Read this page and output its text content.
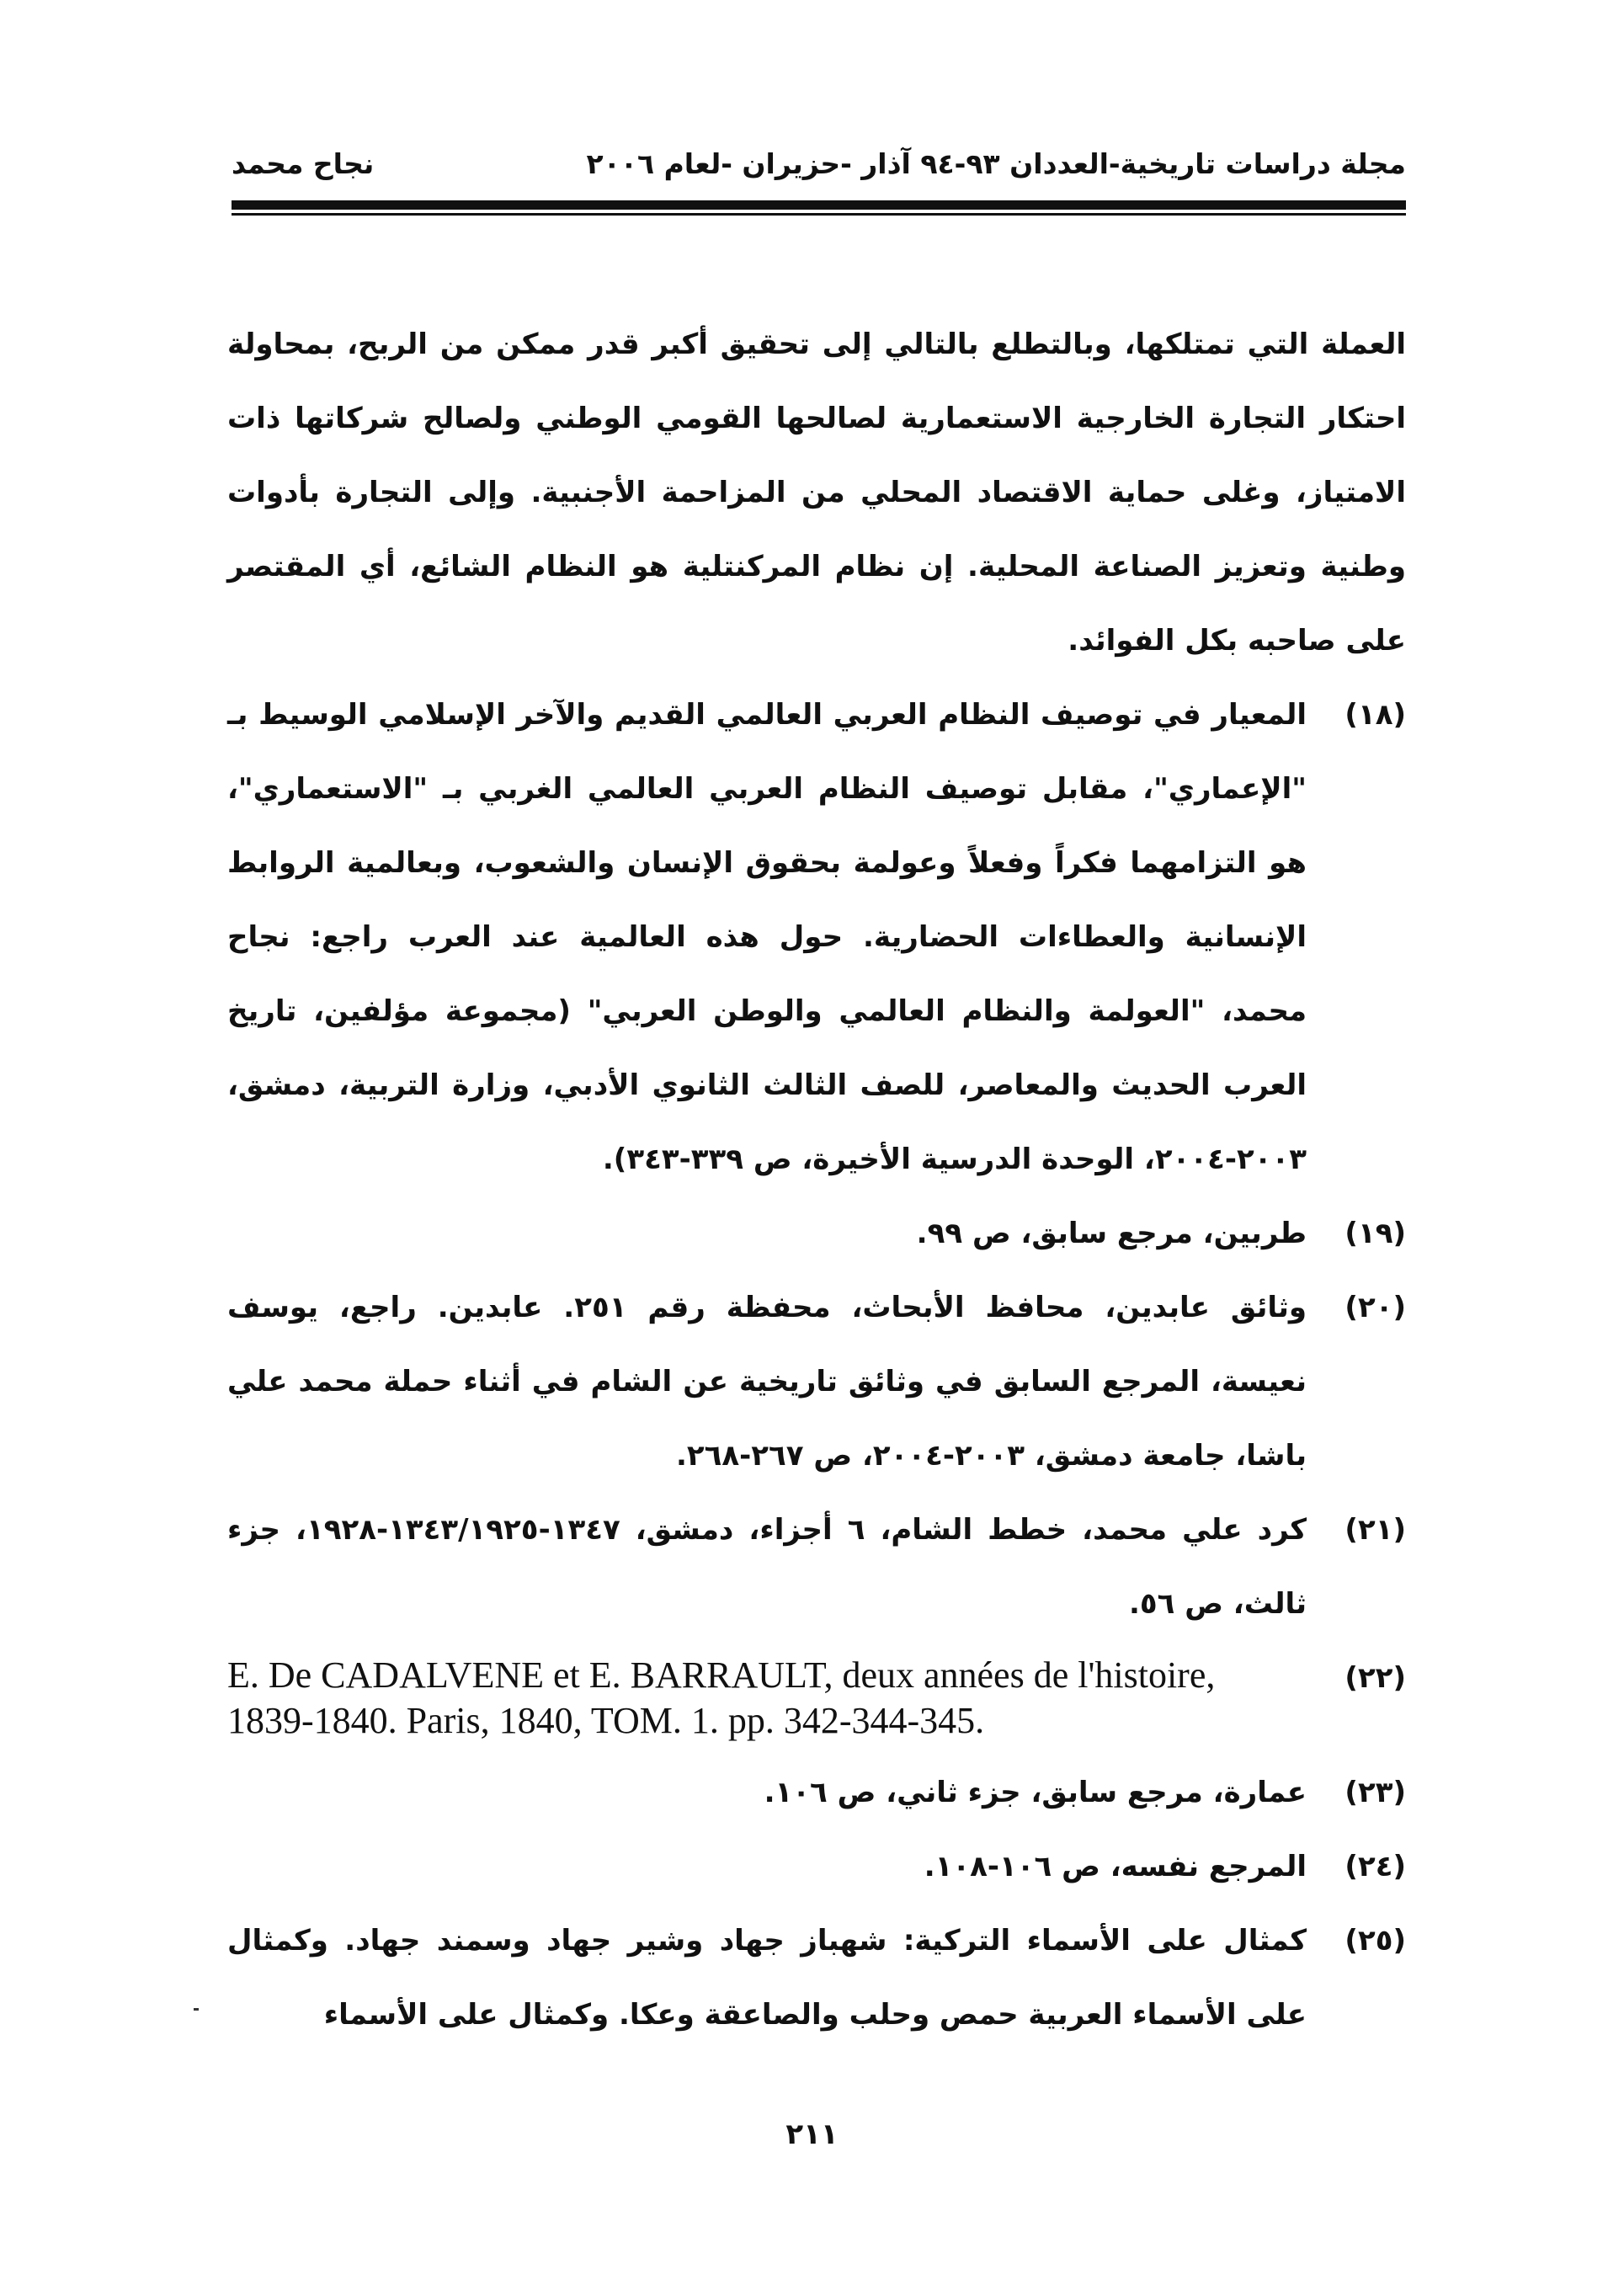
مجلة دراسات تاريخية-العددان ٩٣-٩٤ آذار -حزيران -لعام ٢٠٠٦
نجاح محمد

العملة التي تمتلكها، وبالتطلع بالتالي إلى تحقيق أكبر قدر ممكن من الربح، بمحاولة احتكار التجارة الخارجية الاستعمارية لصالحها القومي الوطني ولصالح شركاتها ذات الامتياز، وغلى حماية الاقتصاد المحلي من المزاحمة الأجنبية. وإلى التجارة بأدوات وطنية وتعزيز الصناعة المحلية. إن نظام المركنتلية هو النظام الشائع، أي المقتصر على صاحبه بكل الفوائد.

(١٨)
المعيار في توصيف النظام العربي العالمي القديم والآخر الإسلامي الوسيط بـ "الإعماري"، مقابل توصيف النظام العربي العالمي الغربي بـ "الاستعماري"، هو التزامهما فكراً وفعلاً وعولمة بحقوق الإنسان والشعوب، وبعالمية الروابط الإنسانية والعطاءات الحضارية. حول هذه العالمية عند العرب راجع: نجاح محمد، "العولمة والنظام العالمي والوطن العربي" (مجموعة مؤلفين، تاريخ العرب الحديث والمعاصر، للصف الثالث الثانوي الأدبي، وزارة التربية، دمشق، ٢٠٠٣-٢٠٠٤، الوحدة الدرسية الأخيرة، ص ٣٣٩-٣٤٣).
(١٩)
طربين، مرجع سابق، ص ٩٩.
(٢٠)
وثائق عابدين، محافظ الأبحاث، محفظة رقم ٢٥١. عابدين. راجع، يوسف نعيسة، المرجع السابق في وثائق تاريخية عن الشام في أثناء حملة محمد علي باشا، جامعة دمشق، ٢٠٠٣-٢٠٠٤، ص ٢٦٧-٢٦٨.
(٢١)
كرد علي محمد، خطط الشام، ٦ أجزاء، دمشق، ١٣٤٧-١٣٤٣/١٩٢٥-١٩٢٨، جزء ثالث، ص ٥٦.
(٢٢)
E. De CADALVENE et E. BARRAULT, deux années de l'histoire, 1839-1840. Paris, 1840, TOM. 1. pp. 342-344-345.
(٢٣)
عمارة، مرجع سابق، جزء ثاني، ص ١٠٦.
(٢٤)
المرجع نفسه، ص ١٠٦-١٠٨.
(٢٥)
كمثال على الأسماء التركية: شهباز جهاد وشير جهاد وسمند جهاد. وكمثال على الأسماء العربية حمص وحلب والصاعقة وعكا. وكمثال على الأسماء
٢١١
